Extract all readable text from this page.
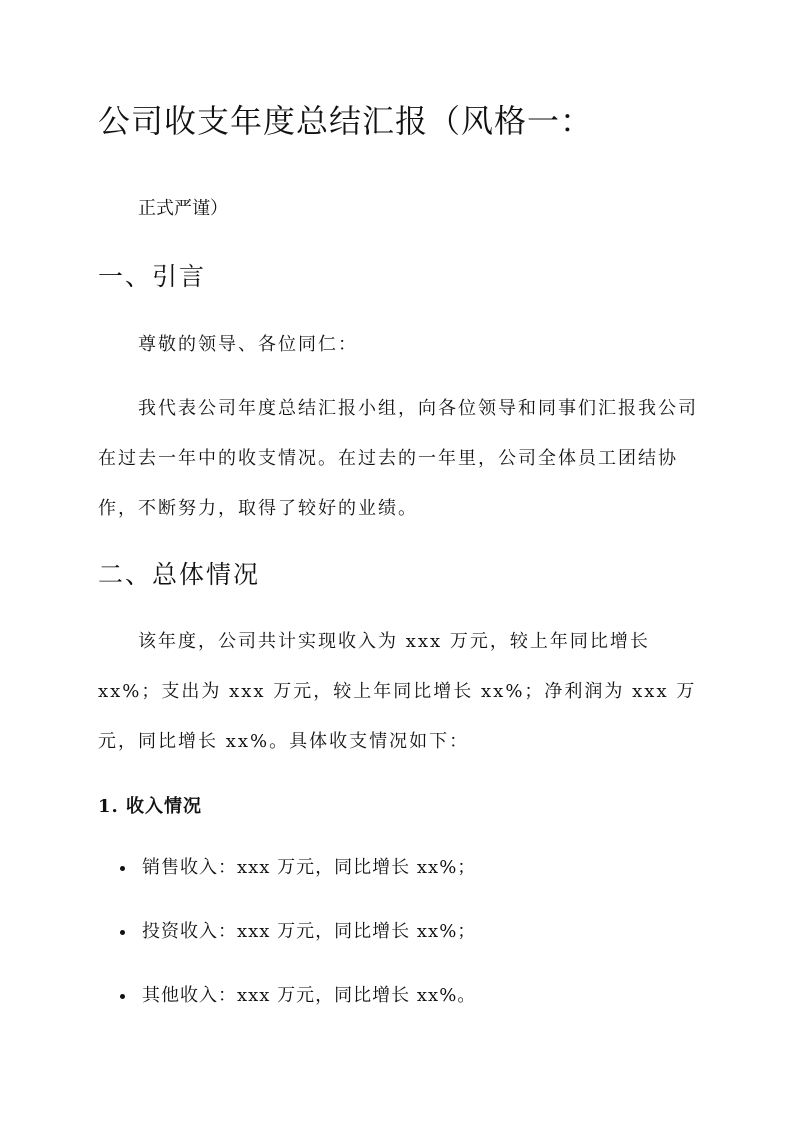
公司收支年度总结汇报（风格一：
正式严谨）
一、引言

尊敬的领导、各位同仁：

我代表公司年度总结汇报小组，向各位领导和同事们汇报我公司在过去一年中的收支情况。在过去的一年里，公司全体员工团结协作，不断努力，取得了较好的业绩。

二、总体情况

该年度，公司共计实现收入为 xxx 万元，较上年同比增长 xx%；支出为 xxx 万元，较上年同比增长 xx%；净利润为 xxx 万元，同比增长 xx%。具体收支情况如下：

1. 收入情况
销售收入：xxx 万元，同比增长 xx%；
投资收入：xxx 万元，同比增长 xx%；
其他收入：xxx 万元，同比增长 xx%。
